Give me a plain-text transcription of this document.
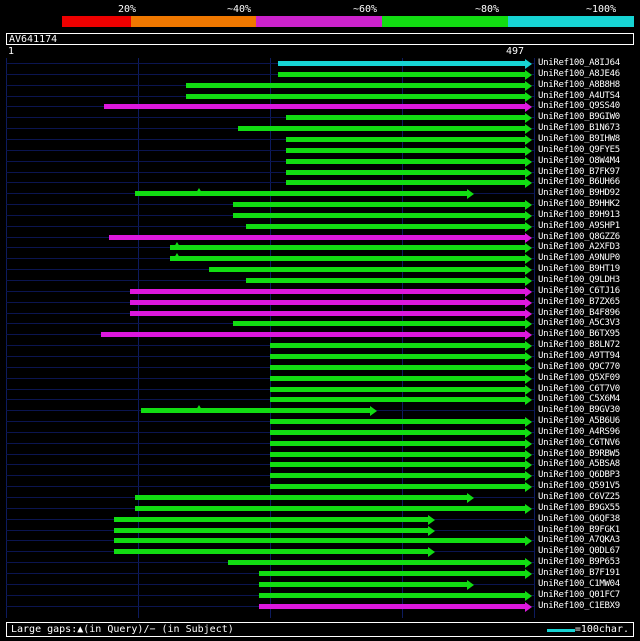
20%	~40%	~60%	~80%	~100%
AV641174
1	497
UniRef100_A8IJ64
UniRef100_A8JE46
UniRef100_A8B8H8
UniRef100_A4UTS4
UniRef100_Q9SS40
UniRef100_B9GIW0
UniRef100_B1N673
UniRef100_B9IHW8
UniRef100_Q9FYE5
UniRef100_O8W4M4
UniRef100_B7FK97
UniRef100_B6UH66
UniRef100_B9HD92
UniRef100_B9HHK2
UniRef100_B9H913
UniRef100_A9SHP1
UniRef100_Q8GZZ6
UniRef100_A2XFD3
UniRef100_A9NUP0
UniRef100_B9HT19
UniRef100_Q9LDH3
UniRef100_C6TJ16
UniRef100_B7ZX65
UniRef100_B4F896
UniRef100_A5C3V3
UniRef100_B6TX95
UniRef100_B8LN72
UniRef100_A9TT94
UniRef100_Q9C770
UniRef100_Q5XF09
UniRef100_C6T7V0
UniRef100_C5X6M4
UniRef100_B9GV30
UniRef100_A5B6U6
UniRef100_A4RS96
UniRef100_C6TNV6
UniRef100_B9RBW5
UniRef100_A5BSA8
UniRef100_Q6DBP3
UniRef100_Q591V5
UniRef100_C6VZ25
UniRef100_B9GX55
UniRef100_Q6QF38
UniRef100_B9FGK1
UniRef100_A7QKA3
UniRef100_Q0DL67
UniRef100_B9P653
UniRef100_B7F191
UniRef100_C1MW04
UniRef100_Q01FC7
UniRef100_C1EBX9
Large gaps:▲(in Query)/− (in Subject)	=100char.
